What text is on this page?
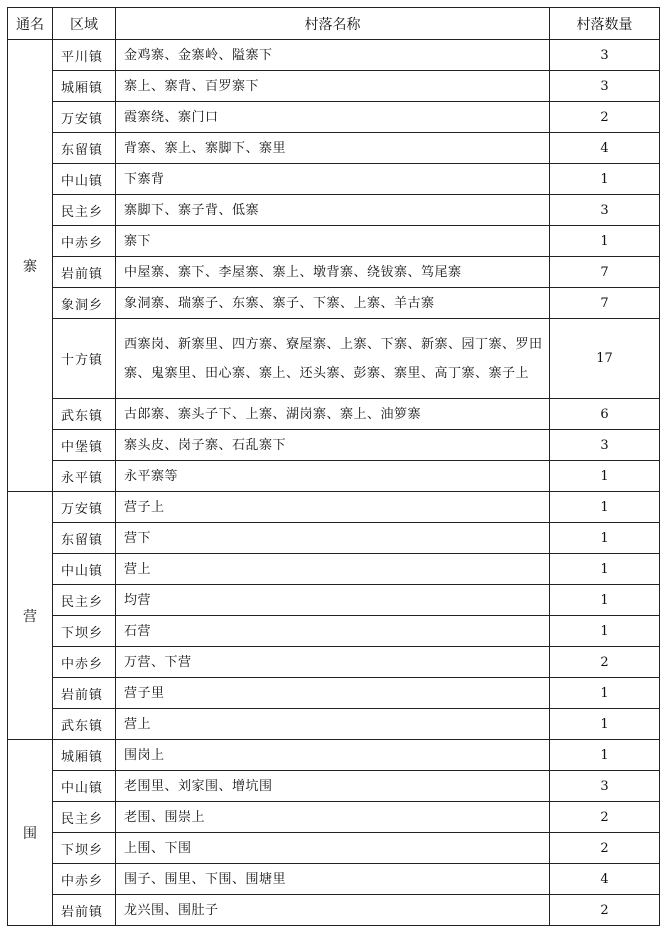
通名	区域	村落名称	村落数量
寨	平川镇	金鸡寨、金寨岭、隘寨下	3
	城厢镇	寨上、寨背、百罗寨下	3
	万安镇	霞寨绕、寨门口	2
	东留镇	背寨、寨上、寨脚下、寨里	4
	中山镇	下寨背	1
	民主乡	寨脚下、寨子背、低寨	3
	中赤乡	寨下	1
	岩前镇	中屋寨、寨下、李屋寨、寨上、墩背寨、绕钹寨、笃尾寨	7
	象洞乡	象洞寨、瑞寨子、东寨、寨子、下寨、上寨、羊古寨	7
	十方镇	西寨岗、新寨里、四方寨、寮屋寨、上寨、下寨、新寨、园丁寨、罗田寨、鬼寨里、田心寨、寨上、还头寨、彭寨、寨里、高丁寨、寨子上	17
	武东镇	古郎寨、寨头子下、上寨、湖岗寨、寨上、油箩寨	6
	中堡镇	寨头皮、岗子寨、石乱寨下	3
	永平镇	永平寨等	1
营	万安镇	营子上	1
	东留镇	营下	1
	中山镇	营上	1
	民主乡	均营	1
	下坝乡	石营	1
	中赤乡	万营、下营	2
	岩前镇	营子里	1
	武东镇	营上	1
围	城厢镇	围岗上	1
	中山镇	老围里、刘家围、增坑围	3
	民主乡	老围、围崇上	2
	下坝乡	上围、下围	2
	中赤乡	围子、围里、下围、围塘里	4
	岩前镇	龙兴围、围肚子	2
